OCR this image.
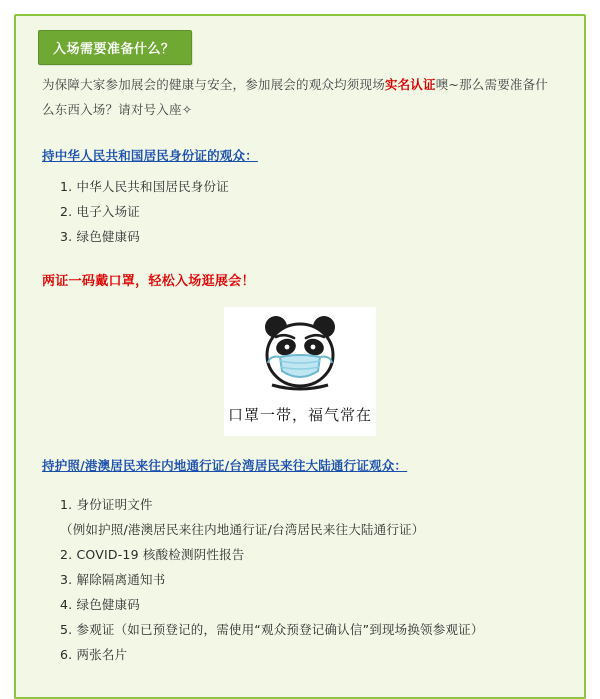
入场需要准备什么？

为保障大家参加展会的健康与安全，参加展会的观众均须现场实名认证噢~那么需要准备什么东西入场？请对号入座✧

持中华人民共和国居民身份证的观众：
1. 中华人民共和国居民身份证
2. 电子入场证
3. 绿色健康码
两证一码戴口罩，轻松入场逛展会！
口罩一带，福气常在
持护照/港澳居民来往内地通行证/台湾居民来往大陆通行证观众：
1. 身份证明文件
（例如护照/港澳居民来往内地通行证/台湾居民来往大陆通行证）
2. COVID-19 核酸检测阴性报告
3. 解除隔离通知书
4. 绿色健康码
5. 参观证（如已预登记的，需使用“观众预登记确认信”到现场换领参观证）
6. 两张名片
